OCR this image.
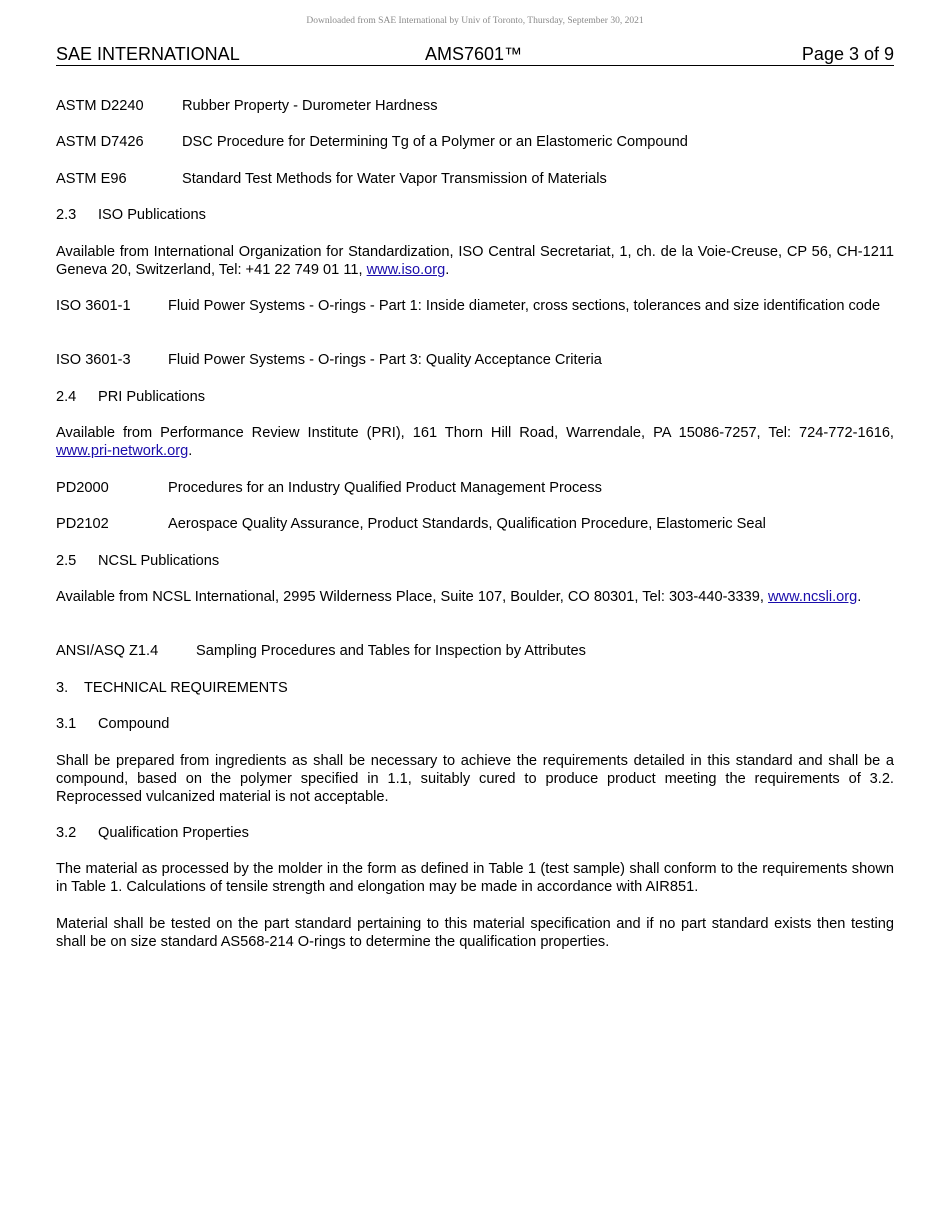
Downloaded from SAE International by Univ of Toronto, Thursday, September 30, 2021
SAE INTERNATIONAL	AMS7601™	Page 3 of 9
ASTM D2240	Rubber Property - Durometer Hardness
ASTM D7426	DSC Procedure for Determining Tg of a Polymer or an Elastomeric Compound
ASTM E96	Standard Test Methods for Water Vapor Transmission of Materials
2.3 ISO Publications
Available from International Organization for Standardization, ISO Central Secretariat, 1, ch. de la Voie-Creuse, CP 56, CH-1211 Geneva 20, Switzerland, Tel: +41 22 749 01 11, www.iso.org.
ISO 3601-1	Fluid Power Systems - O-rings - Part 1: Inside diameter, cross sections, tolerances and size identification code
ISO 3601-3	Fluid Power Systems - O-rings - Part 3: Quality Acceptance Criteria
2.4 PRI Publications
Available from Performance Review Institute (PRI), 161 Thorn Hill Road, Warrendale, PA 15086-7257, Tel: 724-772-1616, www.pri-network.org.
PD2000	Procedures for an Industry Qualified Product Management Process
PD2102	Aerospace Quality Assurance, Product Standards, Qualification Procedure, Elastomeric Seal
2.5 NCSL Publications
Available from NCSL International, 2995 Wilderness Place, Suite 107, Boulder, CO 80301, Tel: 303-440-3339, www.ncsli.org.
ANSI/ASQ Z1.4	Sampling Procedures and Tables for Inspection by Attributes
3. TECHNICAL REQUIREMENTS
3.1 Compound
Shall be prepared from ingredients as shall be necessary to achieve the requirements detailed in this standard and shall be a compound, based on the polymer specified in 1.1, suitably cured to produce product meeting the requirements of 3.2. Reprocessed vulcanized material is not acceptable.
3.2 Qualification Properties
The material as processed by the molder in the form as defined in Table 1 (test sample) shall conform to the requirements shown in Table 1. Calculations of tensile strength and elongation may be made in accordance with AIR851.
Material shall be tested on the part standard pertaining to this material specification and if no part standard exists then testing shall be on size standard AS568-214 O-rings to determine the qualification properties.
